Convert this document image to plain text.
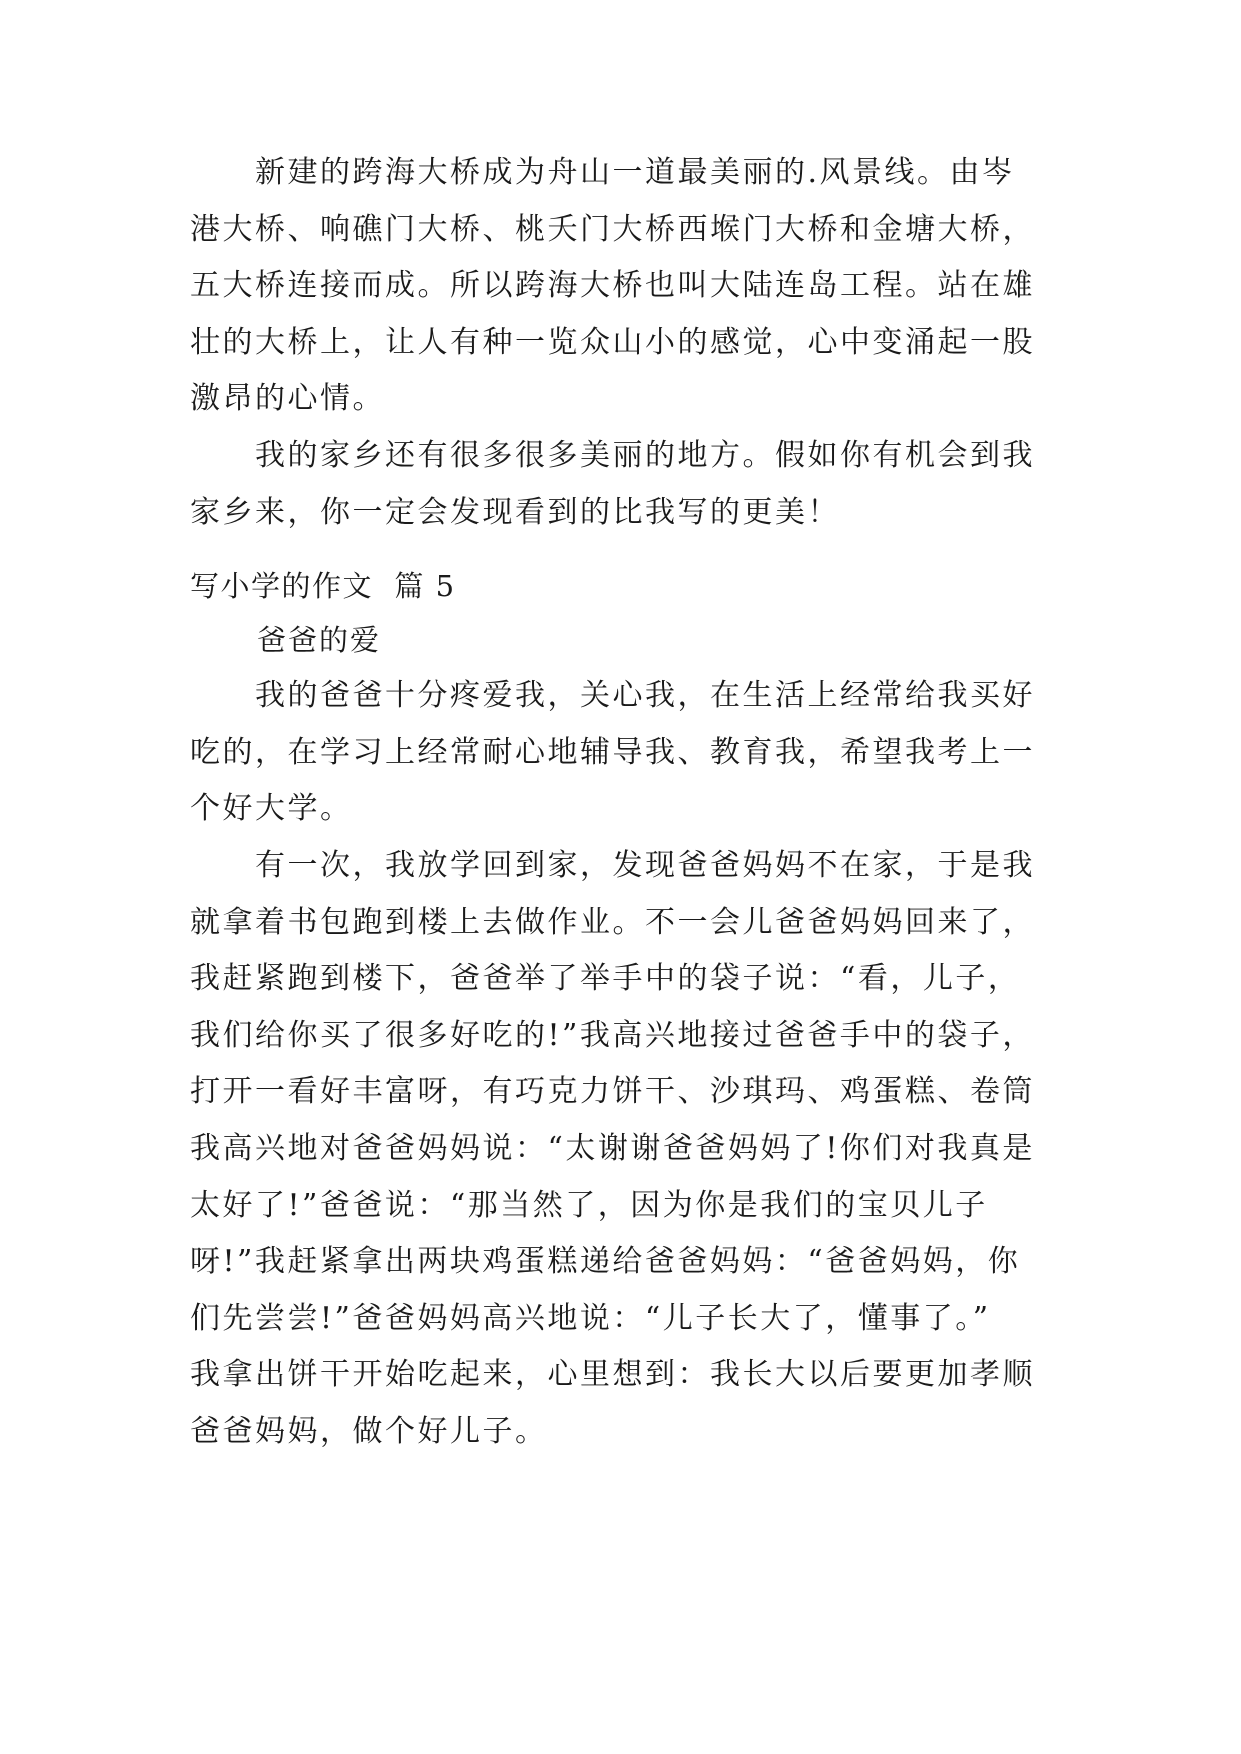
　　新建的跨海大桥成为舟山一道最美丽的.风景线。由岑
港大桥、响礁门大桥、桃夭门大桥西堠门大桥和金塘大桥，
五大桥连接而成。所以跨海大桥也叫大陆连岛工程。站在雄
壮的大桥上，让人有种一览众山小的感觉，心中变涌起一股
激昂的心情。

　　我的家乡还有很多很多美丽的地方。假如你有机会到我
家乡来，你一定会发现看到的比我写的更美！

写小学的作文  篇 5
爸爸的爱

　　我的爸爸十分疼爱我，关心我，在生活上经常给我买好
吃的，在学习上经常耐心地辅导我、教育我，希望我考上一
个好大学。

　　有一次，我放学回到家，发现爸爸妈妈不在家，于是我
就拿着书包跑到楼上去做作业。不一会儿爸爸妈妈回来了，
我赶紧跑到楼下，爸爸举了举手中的袋子说：“看，儿子，
我们给你买了很多好吃的!”我高兴地接过爸爸手中的袋子，
打开一看好丰富呀，有巧克力饼干、沙琪玛、鸡蛋糕、卷筒
我高兴地对爸爸妈妈说：“太谢谢爸爸妈妈了!你们对我真是
太好了!”爸爸说：“那当然了，因为你是我们的宝贝儿子
呀!”我赶紧拿出两块鸡蛋糕递给爸爸妈妈：“爸爸妈妈，你
们先尝尝!”爸爸妈妈高兴地说：“儿子长大了，懂事了。”
我拿出饼干开始吃起来，心里想到：我长大以后要更加孝顺
爸爸妈妈，做个好儿子。
